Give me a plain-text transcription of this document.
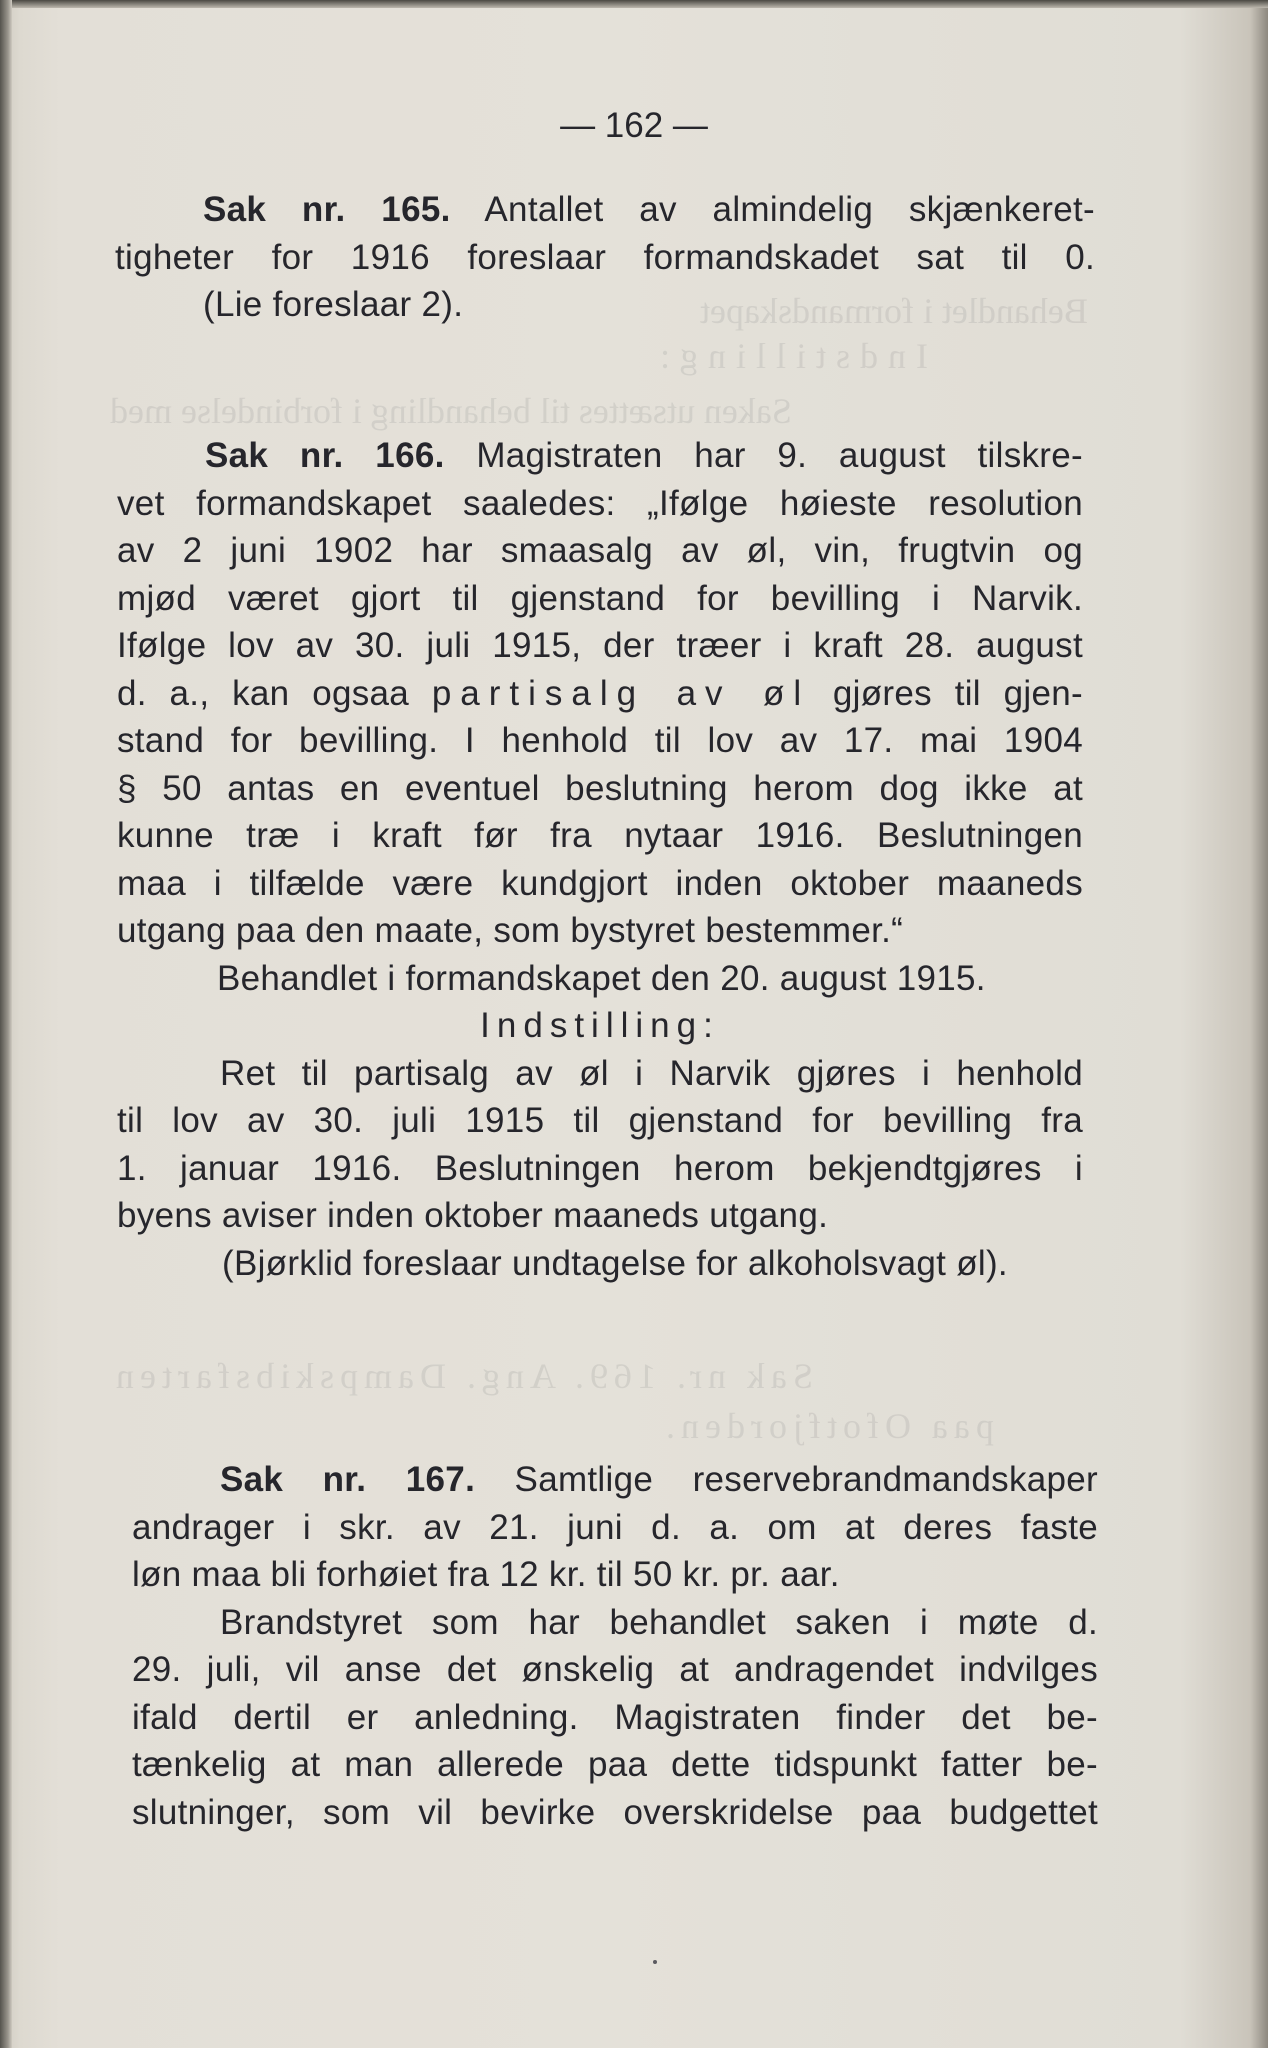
Behandlet i formandskapet
Indstilling:
Saken utsættes til behandling i forbindelse med
Sak nr. 169. Ang. Dampskibsfarten
paa Ofotfjorden.
— 162 —
Sak nr. 165. Antallet av almindelig skjænkeret-
tigheter for 1916 foreslaar formandskadet sat til 0.
(Lie foreslaar 2).
Sak nr. 166. Magistraten har 9. august tilskre-
vet formandskapet saaledes: „Ifølge høieste resolution
av 2 juni 1902 har smaasalg av øl, vin, frugtvin og
mjød været gjort til gjenstand for bevilling i Narvik.
Ifølge lov av 30. juli 1915, der træer i kraft 28. august
d. a., kan ogsaa partisalg av øl gjøres til gjen-
stand for bevilling. I henhold til lov av 17. mai 1904
§ 50 antas en eventuel beslutning herom dog ikke at
kunne træ i kraft før fra nytaar 1916. Beslutningen
maa i tilfælde være kundgjort inden oktober maaneds
utgang paa den maate, som bystyret bestemmer.“
Behandlet i formandskapet den 20. august 1915.
Indstilling:
Ret til partisalg av øl i Narvik gjøres i henhold
til lov av 30. juli 1915 til gjenstand for bevilling fra
1. januar 1916. Beslutningen herom bekjendtgjøres i
byens aviser inden oktober maaneds utgang.
(Bjørklid foreslaar undtagelse for alkoholsvagt øl).
Sak nr. 167. Samtlige reservebrandmandskaper
andrager i skr. av 21. juni d. a. om at deres faste
løn maa bli forhøiet fra 12 kr. til 50 kr. pr. aar.
Brandstyret som har behandlet saken i møte d.
29. juli, vil anse det ønskelig at andragendet indvilges
ifald dertil er anledning. Magistraten finder det be-
tænkelig at man allerede paa dette tidspunkt fatter be-
slutninger, som vil bevirke overskridelse paa budgettet
